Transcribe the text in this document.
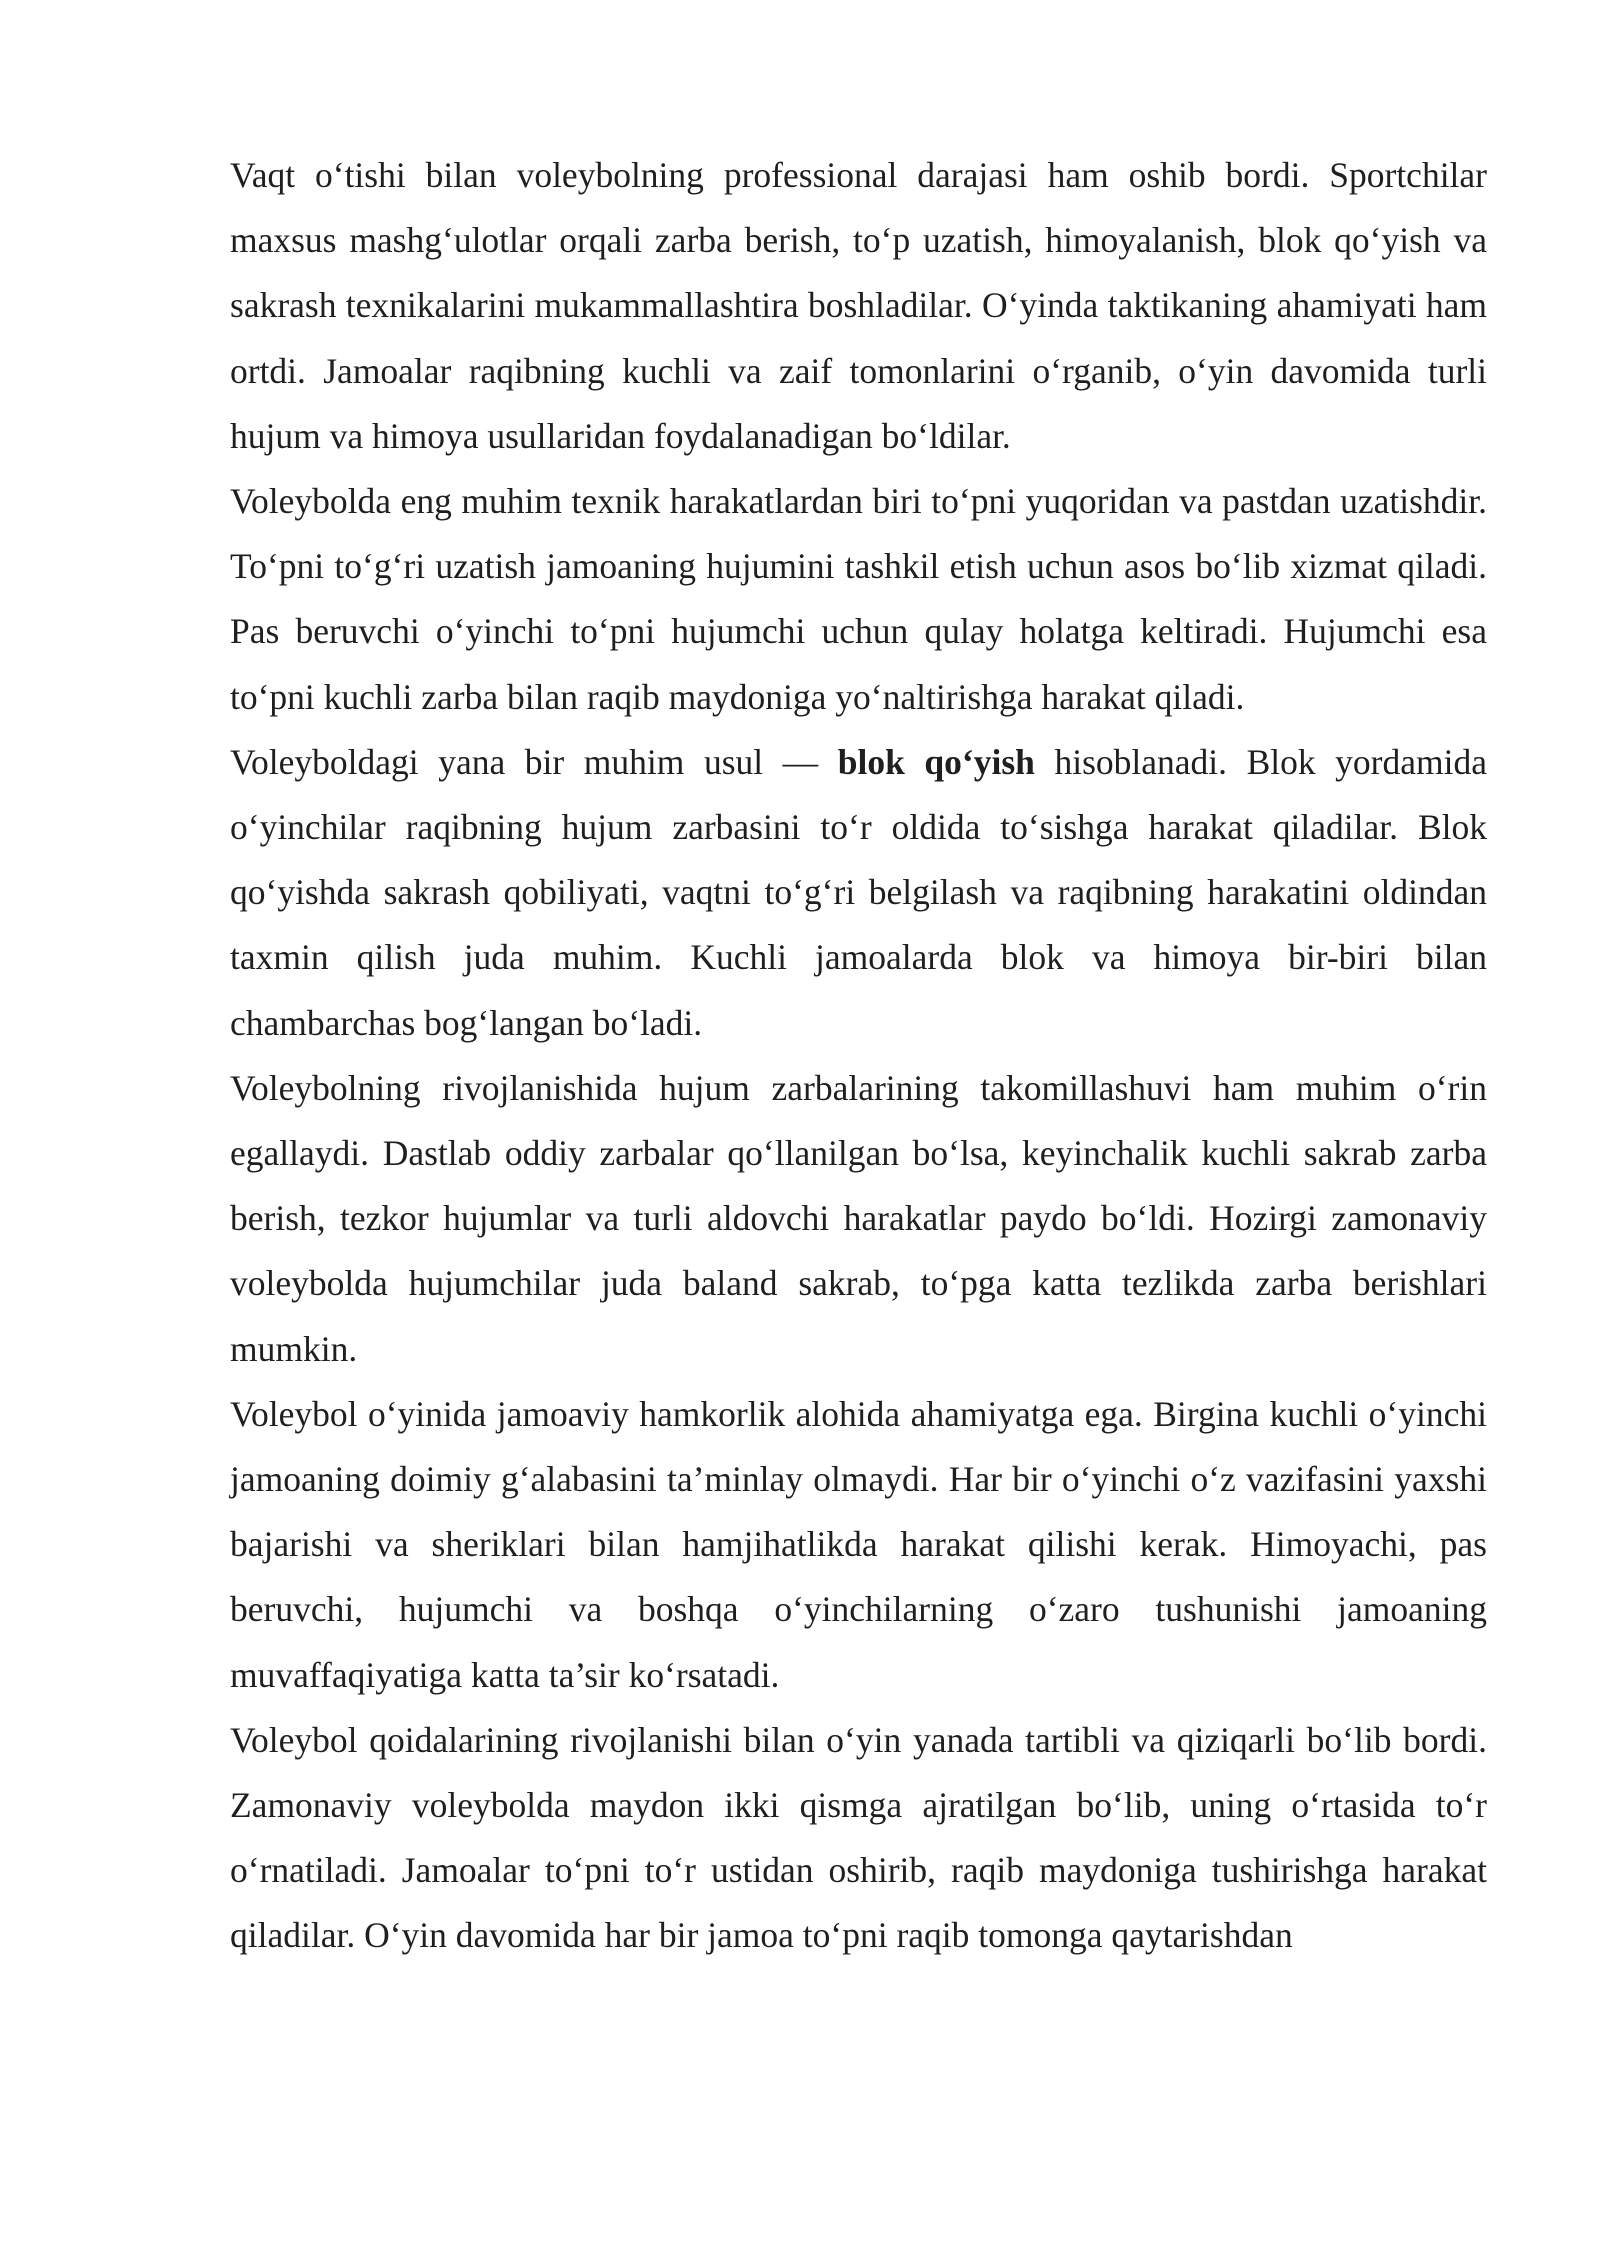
Vaqt o‘tishi bilan voleybolning professional darajasi ham oshib bordi. Sportchilar maxsus mashg‘ulotlar orqali zarba berish, to‘p uzatish, himoyalanish, blok qo‘yish va sakrash texnikalarini mukammallashtira boshladilar. O‘yinda taktikaning ahamiyati ham ortdi. Jamoalar raqibning kuchli va zaif tomonlarini o‘rganib, o‘yin davomida turli hujum va himoya usullaridan foydalanadigan bo‘ldilar.

Voleybolda eng muhim texnik harakatlardan biri to‘pni yuqoridan va pastdan uzatishdir. To‘pni to‘g‘ri uzatish jamoaning hujumini tashkil etish uchun asos bo‘lib xizmat qiladi. Pas beruvchi o‘yinchi to‘pni hujumchi uchun qulay holatga keltiradi. Hujumchi esa to‘pni kuchli zarba bilan raqib maydoniga yo‘naltirishga harakat qiladi.

Voleyboldagi yana bir muhim usul — blok qo‘yish hisoblanadi. Blok yordamida o‘yinchilar raqibning hujum zarbasini to‘r oldida to‘sishga harakat qiladilar. Blok qo‘yishda sakrash qobiliyati, vaqtni to‘g‘ri belgilash va raqibning harakatini oldindan taxmin qilish juda muhim. Kuchli jamoalarda blok va himoya bir-biri bilan chambarchas bog‘langan bo‘ladi.

Voleybolning rivojlanishida hujum zarbalarining takomillashuvi ham muhim o‘rin egallaydi. Dastlab oddiy zarbalar qo‘llanilgan bo‘lsa, keyinchalik kuchli sakrab zarba berish, tezkor hujumlar va turli aldovchi harakatlar paydo bo‘ldi. Hozirgi zamonaviy voleybolda hujumchilar juda baland sakrab, to‘pga katta tezlikda zarba berishlari mumkin.

Voleybol o‘yinida jamoaviy hamkorlik alohida ahamiyatga ega. Birgina kuchli o‘yinchi jamoaning doimiy g‘alabasini ta’minlay olmaydi. Har bir o‘yinchi o‘z vazifasini yaxshi bajarishi va sheriklari bilan hamjihatlikda harakat qilishi kerak. Himoyachi, pas beruvchi, hujumchi va boshqa o‘yinchilarning o‘zaro tushunishi jamoaning muvaffaqiyatiga katta ta’sir ko‘rsatadi.

Voleybol qoidalarining rivojlanishi bilan o‘yin yanada tartibli va qiziqarli bo‘lib bordi. Zamonaviy voleybolda maydon ikki qismga ajratilgan bo‘lib, uning o‘rtasida to‘r o‘rnatiladi. Jamoalar to‘pni to‘r ustidan oshirib, raqib maydoniga tushirishga harakat qiladilar. O‘yin davomida har bir jamoa to‘pni raqib tomonga qaytarishdan
